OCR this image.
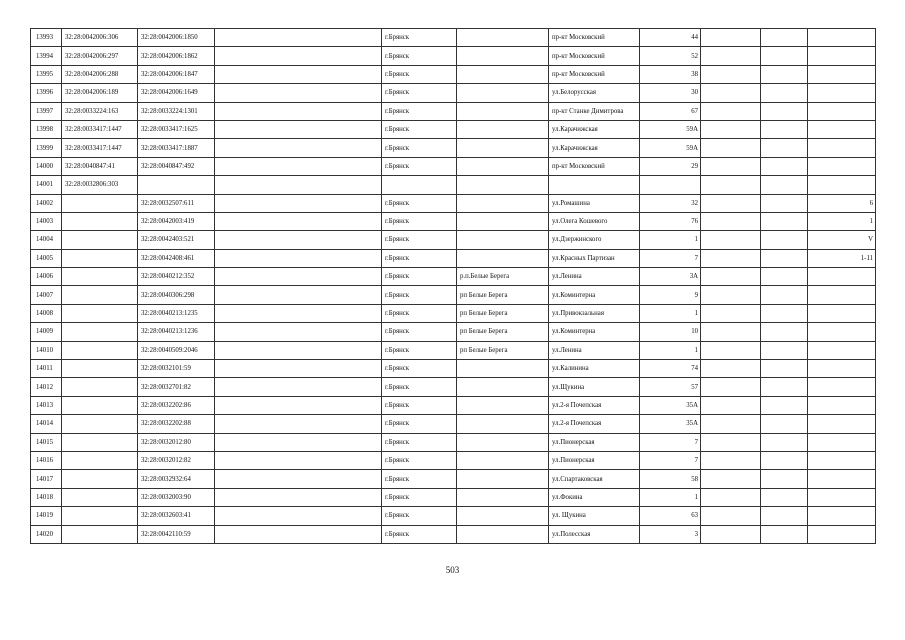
13993	32:28:0042006:306	32:28:0042006:1850		г.Брянск		пр-кт Московский	44			
13994	32:28:0042006:297	32:28:0042006:1862		г.Брянск		пр-кт Московский	52			
13995	32:28:0042006:288	32:28:0042006:1847		г.Брянск		пр-кт Московский	38			
13996	32:28:0042006:189	32:28:0042006:1649		г.Брянск		ул.Белорусская	30			
13997	32:28:0033224:163	32:28:0033224:1301		г.Брянск		пр-кт Станке Димитрова	67			
13998	32:28:0033417:1447	32:28:0033417:1625		г.Брянск		ул.Карачижская	59А			
13999	32:28:0033417:1447	32:28:0033417:1887		г.Брянск		ул.Карачижская	59А			
14000	32:28:0040847:41	32:28:0040847:492		г.Брянск		пр-кт Московский	29			
14001	32:28:0032806:303									
14002		32:28:0032507:611		г.Брянск		ул.Ромашина	32			6
14003		32:28:0042003:419		г.Брянск		ул.Олега Кошевого	76			1
14004		32:28:0042403:521		г.Брянск		ул.Дзержинского	1			V
14005		32:28:0042408:461		г.Брянск		ул.Красных Партизан	7			1-11
14006		32:28:0040212:352		г.Брянск	р.п.Белые Берега	ул.Ленина	3А			
14007		32:28:0040306:298		г.Брянск	рп Белые Берега	ул.Коминтерна	9			
14008		32:28:0040213:1235		г.Брянск	рп Белые Берега	ул.Привокзальная	1			
14009		32:28:0040213:1236		г.Брянск	рп Белые Берега	ул.Коминтерна	10			
14010		32:28:0040509:2046		г.Брянск	рп Белые Берега	ул.Ленина	1			
14011		32:28:0032101:59		г.Брянск		ул.Калинина	74			
14012		32:28:0032701:82		г.Брянск		ул.Щукина	57			
14013		32:28:0032202:86		г.Брянск		ул.2-я Почепская	35А			
14014		32:28:0032202:88		г.Брянск		ул.2-я Почепская	35А			
14015		32:28:0032012:80		г.Брянск		ул.Пионерская	7			
14016		32:28:0032012:82		г.Брянск		ул.Пионерская	7			
14017		32:28:0032932:64		г.Брянск		ул.Спартаковская	58			
14018		32:28:0032003:90		г.Брянск		ул.Фокина	1			
14019		32:28:0032603:41		г.Брянск		ул. Щукина	63			
14020		32:28:0042110:59		г.Брянск		ул.Полесская	3			
503
